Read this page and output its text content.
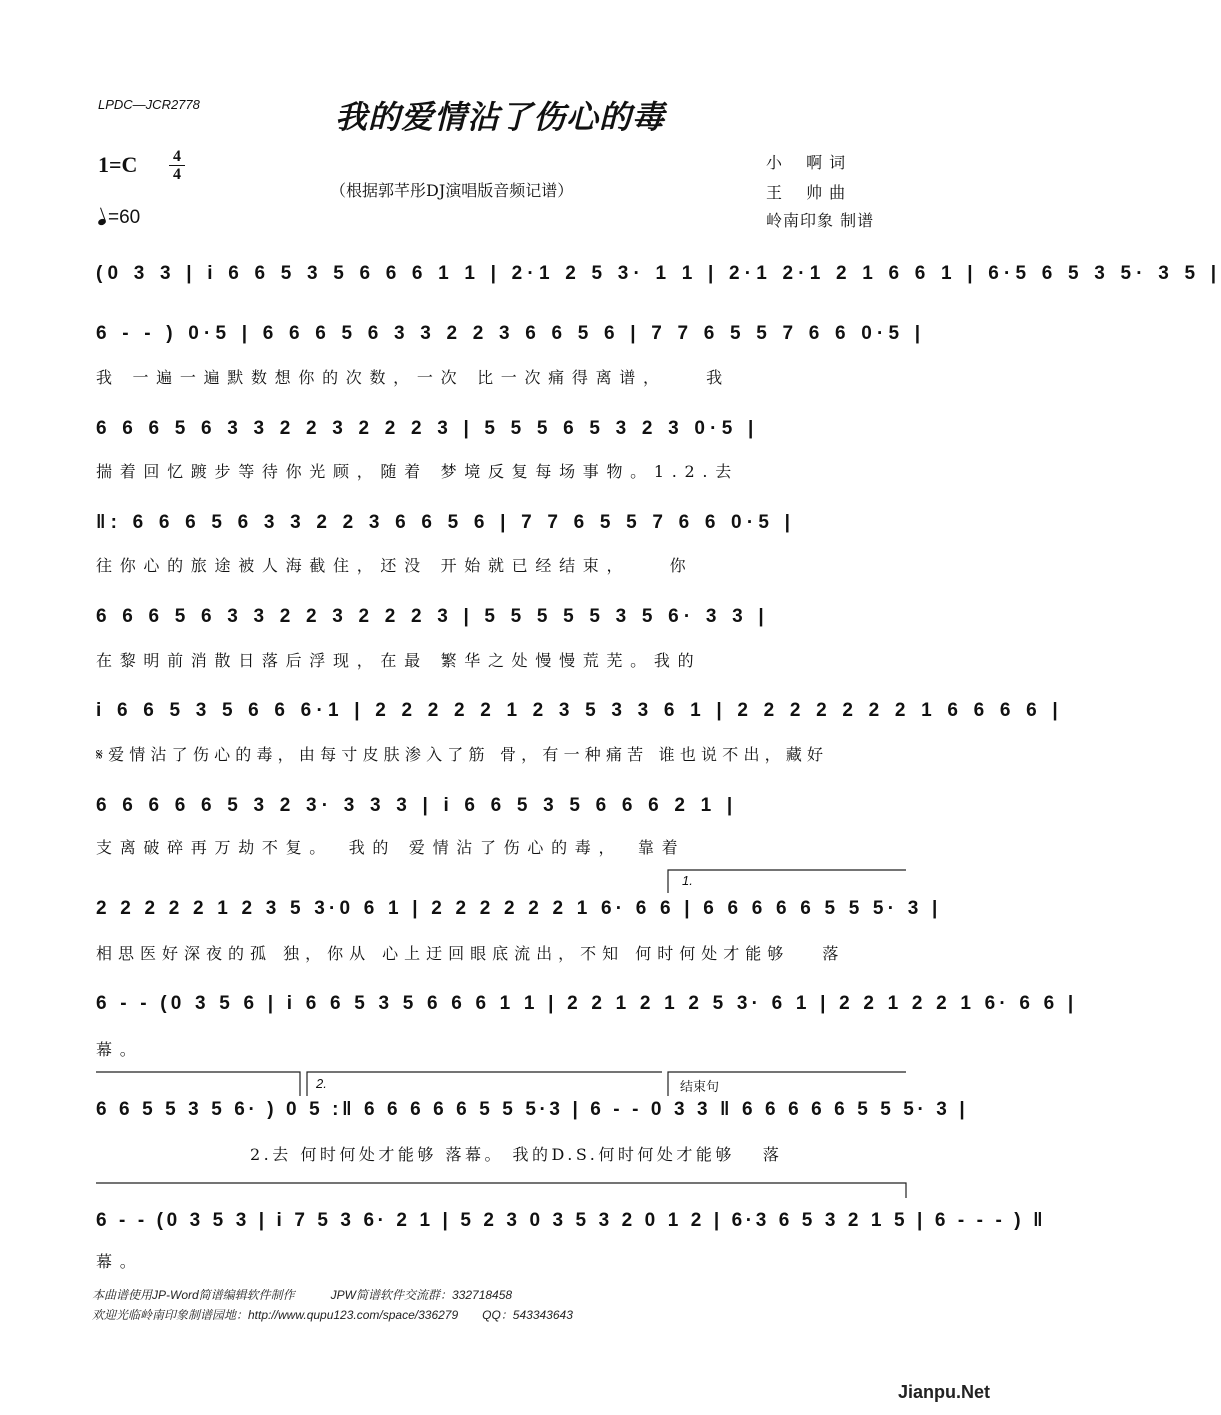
LPDC—JCR2778	我的爱情沾了伤心的毒
1=C	4
4
=60
（根据郭芊彤DJ演唱版音频记谱）
小　 啊 词
王　 帅 曲
岭南印象 制谱
(0 3 3 | i 6 6 5 3 5 6 6 6 1 1 | 2·1 2 5 3· 1 1 | 2·1 2·1 2 1 6 6 1 | 6·5 6 5 3 5· 3 5 |
6 - - ) 0·5 | 6 6 6 5 6 3 3 2 2 3 6 6 5 6 | 7 7 6 5 5 7 6 6 0·5 |
我 一遍一遍默数想你的次数，一次 比一次痛得离谱，　　我
6 6 6 5 6 3 3 2 2 3 2 2 2 3 | 5 5 5 6 5 3 2 3 0·5 |
揣着回忆踱步等待你光顾，随着 梦境反复每场事物。1.2.去
‖: 6 6 6 5 6 3 3 2 2 3 6 6 5 6 | 7 7 6 5 5 7 6 6 0·5 |
往你心的旅途被人海截住，还没 开始就已经结束，　　你
6 6 6 5 6 3 3 2 2 3 2 2 2 3 | 5 5 5 5 5 3 5 6· 3 3 |
在黎明前消散日落后浮现，在最 繁华之处慢慢荒芜。我的
i 6 6 5 3 5 6 6 6·1 | 2 2 2 2 2 1 2 3 5 3 3 6 1 | 2 2 2 2 2 2 2 1 6 6 6 6 |
𝄋爱情沾了伤心的毒，由每寸皮肤渗入了筋 骨，有一种痛苦 谁也说不出，藏好
6 6 6 6 6 5 3 2 3· 3 3 3 | i 6 6 5 3 5 6 6 6 2 1 |
支离破碎再万劫不复。　我的 爱情沾了伤心的毒，　靠着
2 2 2 2 2 1 2 3 5 3·0 6 1 | 2 2 2 2 2 2 1 6· 6 6 | 6 6 6 6 6 5 5 5· 3 |
相思医好深夜的孤 独，你从 心上迂回眼底流出，不知 何时何处才能够　 落
6 - - (0 3 5 6 | i 6 6 5 3 5 6 6 6 1 1 | 2 2 1 2 1 2 5 3· 6 1 | 2 2 1 2 2 1 6· 6 6 |
幕。
6 6 5 5 3 5 6· ) 0 5 :‖ 6 6 6 6 6 5 5 5·3 | 6 - - 0 3 3 ‖ 6 6 6 6 6 5 5 5· 3 |
2.去 何时何处才能够 落幕。 我的D.S.何时何处才能够　 落
6 - - (0 3 5 3 | i 7 5 3 6· 2 1 | 5 2 3 0 3 5 3 2 0 1 2 | 6·3 6 5 3 2 1 5 | 6 - - - ) ‖
幕。
1.
2.	结束句
本曲谱使用JP-Word简谱编辑软件制作　　　JPW简谱软件交流群：332718458
欢迎光临岭南印象制谱园地：http://www.qupu123.com/space/336279　　QQ：543343643
Jianpu.Net
